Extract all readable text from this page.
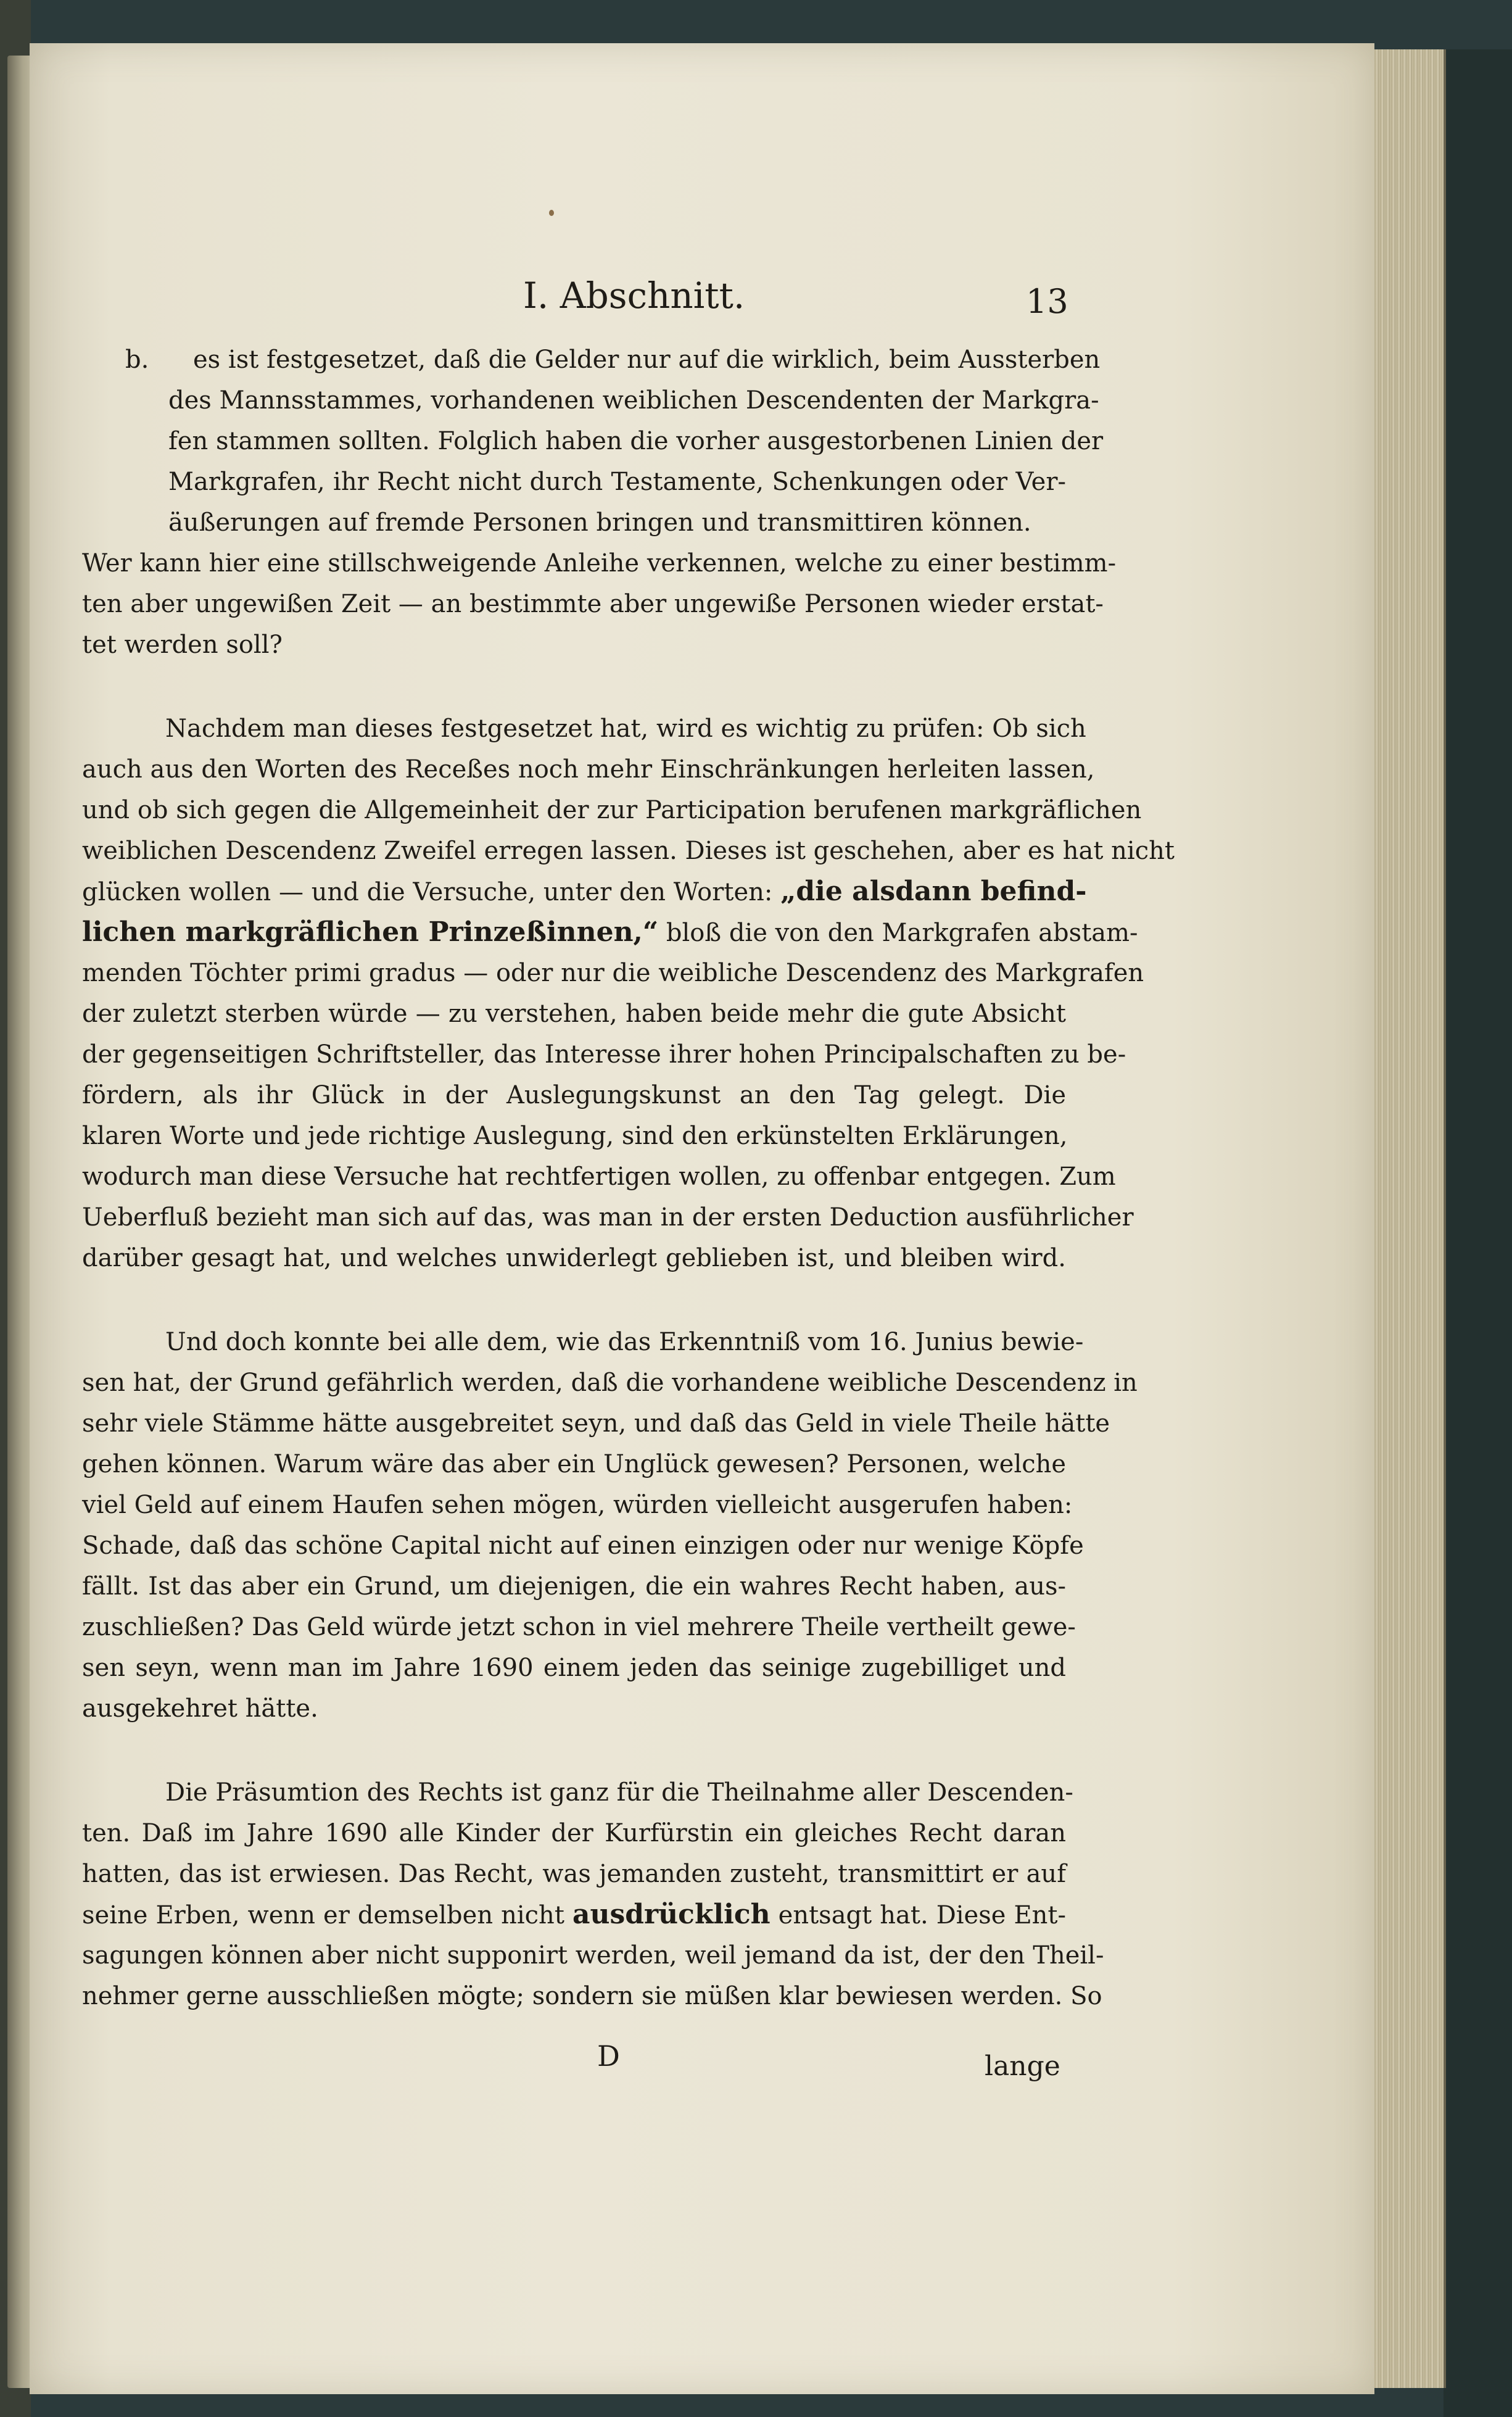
I. Abschnitt.	13
b. es ist festgesetzet, daß die Gelder nur auf die wirklich, beim Aussterben
des Mannsstammes, vorhandenen weiblichen Descendenten der Markgra-
fen stammen sollten. Folglich haben die vorher ausgestorbenen Linien der
Markgrafen, ihr Recht nicht durch Testamente, Schenkungen oder Ver-
äußerungen auf fremde Personen bringen und transmittiren können.
Wer kann hier eine stillschweigende Anleihe verkennen, welche zu einer bestimm-
ten aber ungewißen Zeit — an bestimmte aber ungewiße Personen wieder erstat-
tet werden soll?
Nachdem man dieses festgesetzet hat, wird es wichtig zu prüfen: Ob sich
auch aus den Worten des Receßes noch mehr Einschränkungen herleiten lassen,
und ob sich gegen die Allgemeinheit der zur Participation berufenen markgräflichen
weiblichen Descendenz Zweifel erregen lassen. Dieses ist geschehen, aber es hat nicht
glücken wollen — und die Versuche, unter den Worten: „die alsdann befind-
lichen markgräflichen Prinzeßinnen,“ bloß die von den Markgrafen abstam-
menden Töchter primi gradus — oder nur die weibliche Descendenz des Markgrafen
der zuletzt sterben würde — zu verstehen, haben beide mehr die gute Absicht
der gegenseitigen Schriftsteller, das Interesse ihrer hohen Principalschaften zu be-
fördern, als ihr Glück in der Auslegungskunst an den Tag gelegt. Die
klaren Worte und jede richtige Auslegung, sind den erkünstelten Erklärungen,
wodurch man diese Versuche hat rechtfertigen wollen, zu offenbar entgegen. Zum
Ueberfluß bezieht man sich auf das, was man in der ersten Deduction ausführlicher
darüber gesagt hat, und welches unwiderlegt geblieben ist, und bleiben wird.
Und doch konnte bei alle dem, wie das Erkenntniß vom 16. Junius bewie-
sen hat, der Grund gefährlich werden, daß die vorhandene weibliche Descendenz in
sehr viele Stämme hätte ausgebreitet seyn, und daß das Geld in viele Theile hätte
gehen können. Warum wäre das aber ein Unglück gewesen? Personen, welche
viel Geld auf einem Haufen sehen mögen, würden vielleicht ausgerufen haben:
Schade, daß das schöne Capital nicht auf einen einzigen oder nur wenige Köpfe
fällt. Ist das aber ein Grund, um diejenigen, die ein wahres Recht haben, aus-
zuschließen? Das Geld würde jetzt schon in viel mehrere Theile vertheilt gewe-
sen seyn, wenn man im Jahre 1690 einem jeden das seinige zugebilliget und
ausgekehret hätte.
Die Präsumtion des Rechts ist ganz für die Theilnahme aller Descenden-
ten. Daß im Jahre 1690 alle Kinder der Kurfürstin ein gleiches Recht daran
hatten, das ist erwiesen. Das Recht, was jemanden zusteht, transmittirt er auf
seine Erben, wenn er demselben nicht ausdrücklich entsagt hat. Diese Ent-
sagungen können aber nicht supponirt werden, weil jemand da ist, der den Theil-
nehmer gerne ausschließen mögte; sondern sie müßen klar bewiesen werden. So
D	lange
